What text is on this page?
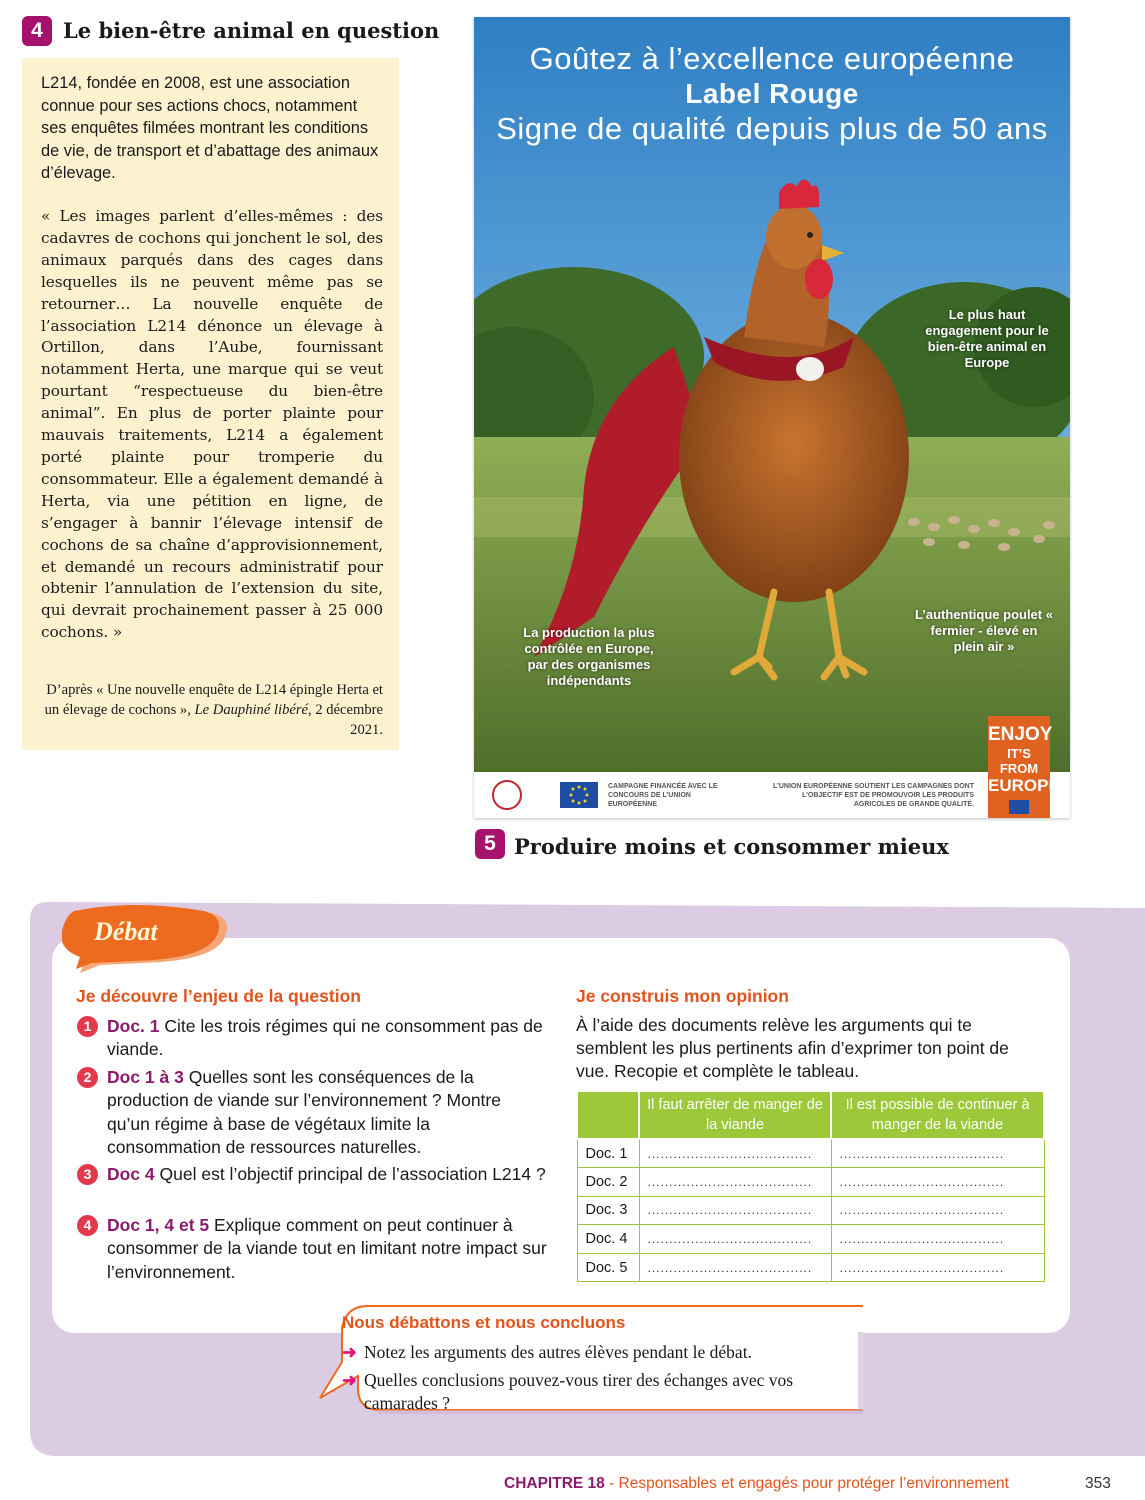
4 Le bien-être animal en question

L214, fondée en 2008, est une association connue pour ses actions chocs, notamment ses enquêtes filmées montrant les conditions de vie, de transport et d’abattage des animaux d’élevage.

« Les images parlent d’elles-mêmes : des cadavres de cochons qui jonchent le sol, des animaux parqués dans des cages dans lesquelles ils ne peuvent même pas se retourner… La nouvelle enquête de l’association L214 dénonce un élevage à Ortillon, dans l’Aube, fournissant notamment Herta, une marque qui se veut pourtant “respectueuse du bien-être animal”. En plus de porter plainte pour mauvais traitements, L214 a également porté plainte pour tromperie du consommateur. Elle a également demandé à Herta, via une pétition en ligne, de s’engager à bannir l’élevage intensif de cochons de sa chaîne d’approvisionnement, et demandé un recours administratif pour obtenir l’annulation de l’extension du site, qui devrait prochainement passer à 25 000 cochons. »

D’après « Une nouvelle enquête de L214 épingle Herta et un élevage de cochons », Le Dauphiné libéré, 2 décembre 2021.

Goûtez à l’excellence européenne
Label Rouge
Signe de qualité depuis plus de 50 ans
Le plus haut engagement pour le bien-être animal en Europe
La production la plus contrôlée en Europe, par des organismes indépendants
L’authentique poulet « fermier - élevé en plein air »
CAMPAGNE FINANCÉE AVEC LE CONCOURS DE L’UNION EUROPÉENNE
L’UNION EUROPÉENNE SOUTIENT LES CAMPAGNES DONT L’OBJECTIF EST DE PROMOUVOIR LES PRODUITS AGRICOLES DE GRANDE QUALITÉ.
ENJOY
IT’S FROM
EUROPE
5 Produire moins et consommer mieux
Débat
Je découvre l’enjeu de la question
1 Doc. 1 Cite les trois régimes qui ne consomment pas de viande.
2 Doc 1 à 3 Quelles sont les conséquences de la production de viande sur l’environnement ? Montre qu’un régime à base de végétaux limite la consommation de ressources naturelles.
3 Doc 4 Quel est l’objectif principal de l’association L214 ?
4 Doc 1, 4 et 5 Explique comment on peut continuer à consommer de la viande tout en limitant notre impact sur l’environnement.
Je construis mon opinion

À l’aide des documents relève les arguments qui te semblent les plus pertinents afin d’exprimer ton point de vue. Recopie et complète le tableau.

	Il faut arrêter de manger de la viande	Il est possible de continuer à manger de la viande
Doc. 1	......................................	......................................
Doc. 2	......................................	......................................
Doc. 3	......................................	......................................
Doc. 4	......................................	......................................
Doc. 5	......................................	......................................
Nous débattons et nous concluons
➜ Notez les arguments des autres élèves pendant le débat.
➜ Quelles conclusions pouvez-vous tirer des échanges avec vos camarades ?
CHAPITRE 18 - Responsables et engagés pour protéger l’environnement	353
